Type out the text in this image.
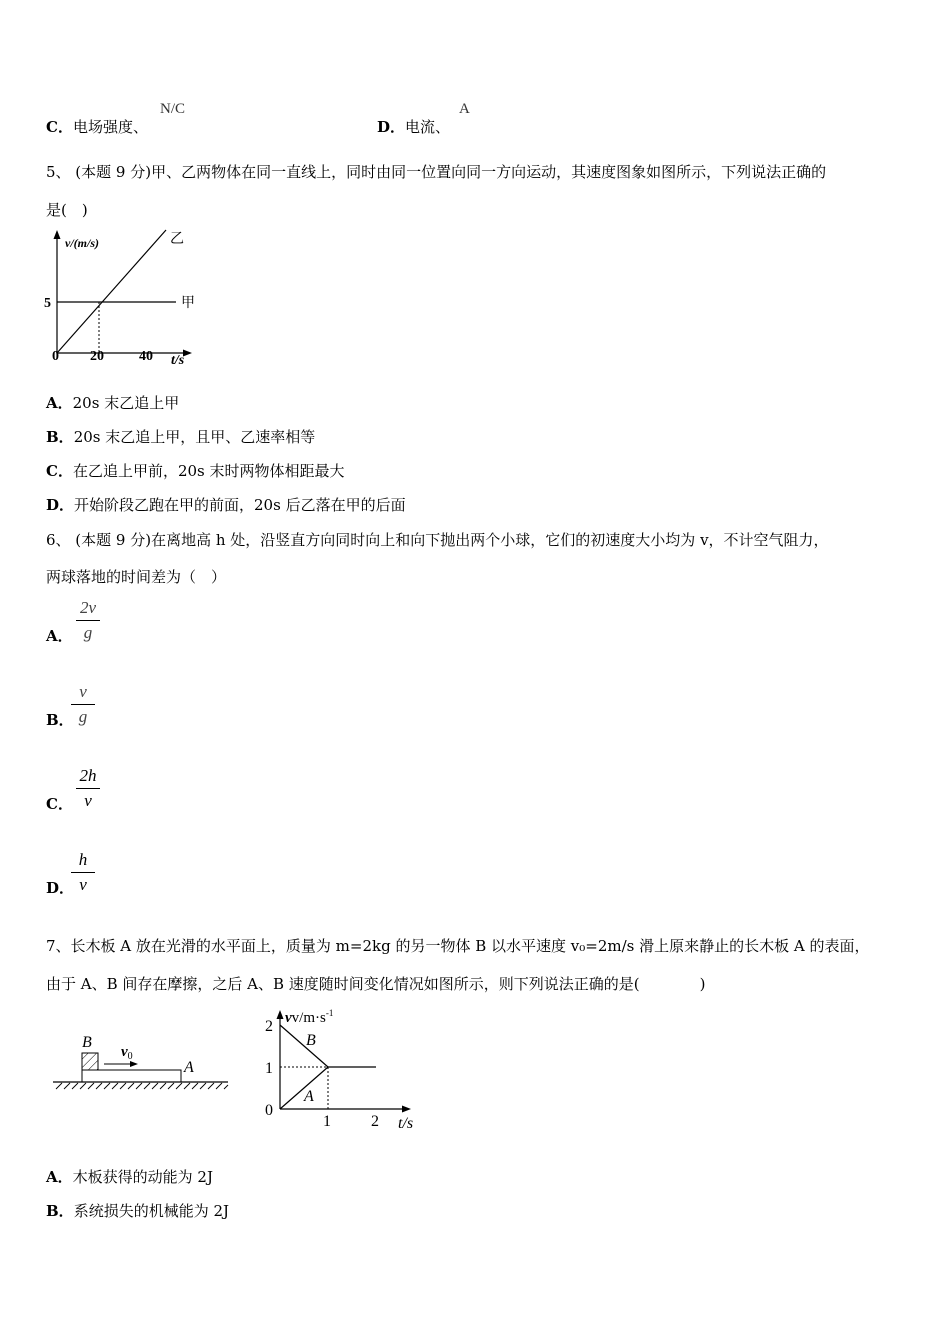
C．电场强度、
N/C
D．电流、
A
5、 (本题 9 分)甲、乙两物体在同一直线上，同时由同一位置向同一方向运动，其速度图象如图所示，下列说法正确的
是(　)
v/(m/s)
5
0 20	40 t/s
乙
甲
A．20s 末乙追上甲
B．20s 末乙追上甲，且甲、乙速率相等
C．在乙追上甲前，20s 末时两物体相距最大
D．开始阶段乙跑在甲的前面，20s 后乙落在甲的后面
6、 (本题 9 分)在离地高 h 处，沿竖直方向同时向上和向下抛出两个小球，它们的初速度大小均为 v，不计空气阻力，
两球落地的时间差为（　）
A．
2v
g
B．
v
g
C．
2h
v
D．
h
v
7、长木板 A 放在光滑的水平面上，质量为 m=2kg 的另一物体 B 以水平速度 v₀=2m/s 滑上原来静止的长木板 A 的表面，
由于 A、B 间存在摩擦，之后 A、B 速度随时间变化情况如图所示，则下列说法正确的是(　　　　)
B
$v_0$
A
$vv/m\cdot s^{-1}$
2
1
0
1	2 t/s
B
A
A．木板获得的动能为 2J
B．系统损失的机械能为 2J
